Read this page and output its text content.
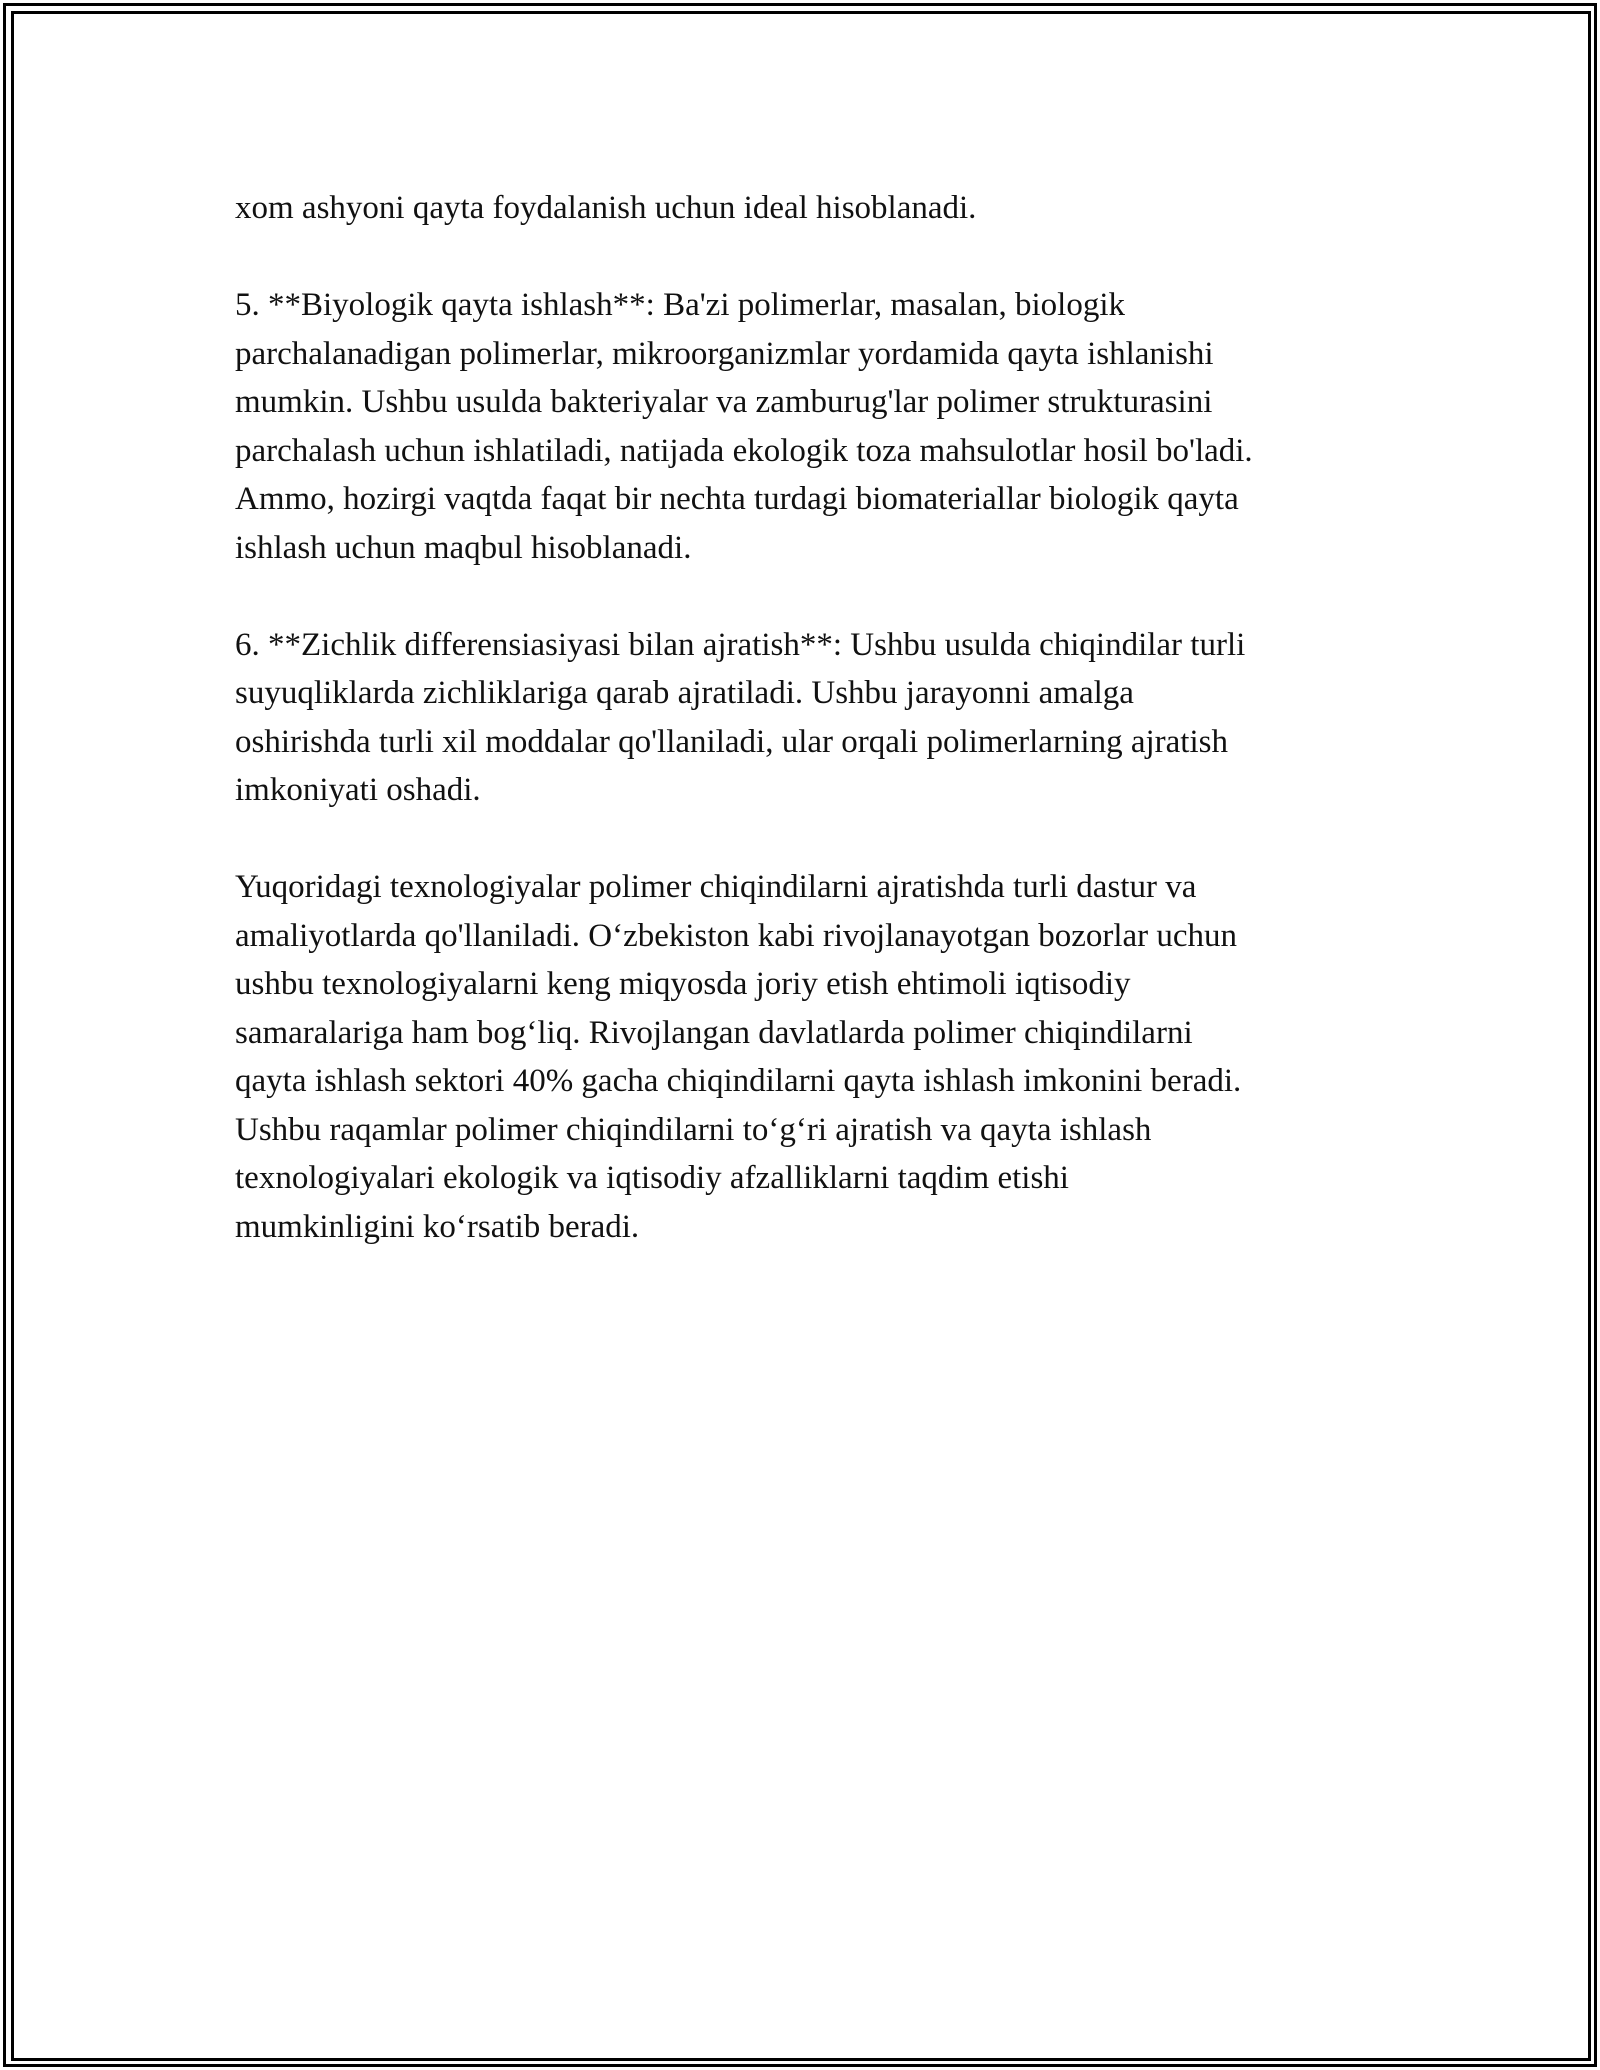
xom ashyoni qayta foydalanish uchun ideal hisoblanadi.

5. **Biyologik qayta ishlash**: Ba'zi polimerlar, masalan, biologik
parchalanadigan polimerlar, mikroorganizmlar yordamida qayta ishlanishi
mumkin. Ushbu usulda bakteriyalar va zamburug'lar polimer strukturasini
parchalash uchun ishlatiladi, natijada ekologik toza mahsulotlar hosil bo'ladi.
Ammo, hozirgi vaqtda faqat bir nechta turdagi biomateriallar biologik qayta
ishlash uchun maqbul hisoblanadi.

6. **Zichlik differensiasiyasi bilan ajratish**: Ushbu usulda chiqindilar turli
suyuqliklarda zichliklariga qarab ajratiladi. Ushbu jarayonni amalga
oshirishda turli xil moddalar qo'llaniladi, ular orqali polimerlarning ajratish
imkoniyati oshadi.

Yuqoridagi texnologiyalar polimer chiqindilarni ajratishda turli dastur va
amaliyotlarda qo'llaniladi. O‘zbekiston kabi rivojlanayotgan bozorlar uchun
ushbu texnologiyalarni keng miqyosda joriy etish ehtimoli iqtisodiy
samaralariga ham bog‘liq. Rivojlangan davlatlarda polimer chiqindilarni
qayta ishlash sektori 40% gacha chiqindilarni qayta ishlash imkonini beradi.
Ushbu raqamlar polimer chiqindilarni to‘g‘ri ajratish va qayta ishlash
texnologiyalari ekologik va iqtisodiy afzalliklarni taqdim etishi
mumkinligini ko‘rsatib beradi.
